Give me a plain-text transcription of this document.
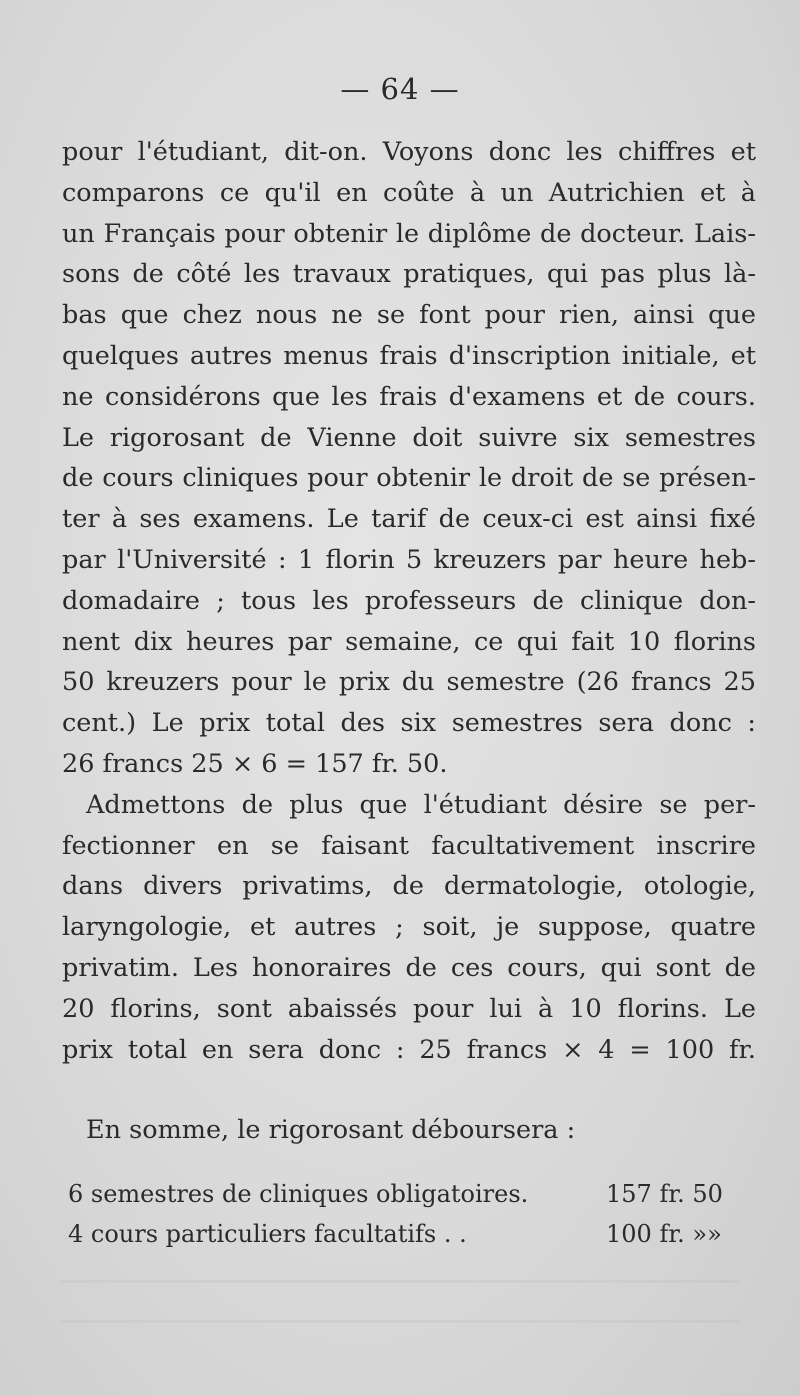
— 64 —
pour l'étudiant, dit-on. Voyons donc les chiffres et
comparons ce qu'il en coûte à un Autrichien et à
un Français pour obtenir le diplôme de docteur. Lais-
sons de côté les travaux pratiques, qui pas plus là-
bas que chez nous ne se font pour rien, ainsi que
quelques autres menus frais d'inscription initiale, et
ne considérons que les frais d'examens et de cours.
Le rigorosant de Vienne doit suivre six semestres
de cours cliniques pour obtenir le droit de se présen-
ter à ses examens. Le tarif de ceux-ci est ainsi fixé
par l'Université : 1 florin 5 kreuzers par heure heb-
domadaire ; tous les professeurs de clinique don-
nent dix heures par semaine, ce qui fait 10 florins
50 kreuzers pour le prix du semestre (26 francs 25
cent.) Le prix total des six semestres sera donc :
26 francs 25 × 6 = 157 fr. 50.
Admettons de plus que l'étudiant désire se per-
fectionner en se faisant facultativement inscrire
dans divers privatims, de dermatologie, otologie,
laryngologie, et autres ; soit, je suppose, quatre
privatim. Les honoraires de ces cours, qui sont de
20 florins, sont abaissés pour lui à 10 florins. Le
prix total en sera donc : 25 francs × 4 = 100 fr.
En somme, le rigorosant déboursera :
6 semestres de cliniques obligatoires.	157 fr. 50
4 cours particuliers facultatifs . .	100 fr. »»
